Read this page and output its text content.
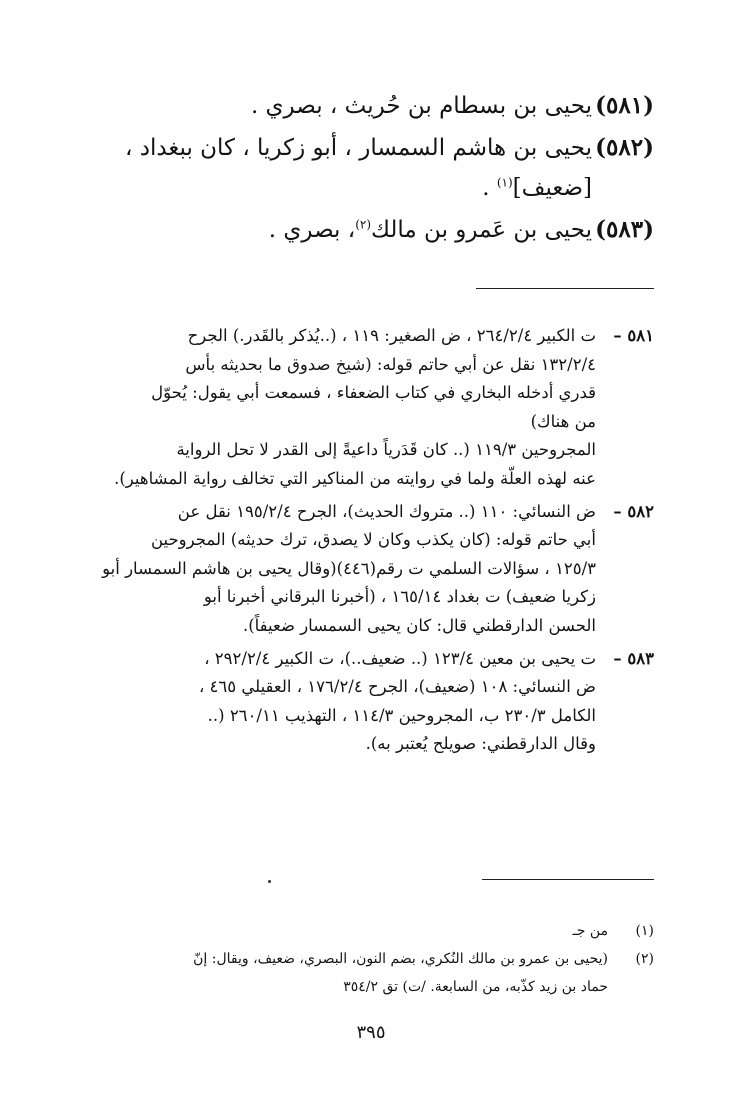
(٥٨١)
يحيى بن بسطام بن حُريث ، بصري .
(٥٨٢)
يحيى بن هاشم السمسار ، أبو زكريا ، كان ببغداد ،
[ضعيف]$^{(١)}$ .
(٥٨٣)
يحيى بن عَمرو بن مالك$^{(٢)}$، بصري .
٥٨١ –
ت الكبير ٢٦٤/٢/٤ ، ض الصغير: ١١٩ ، (..يُذكر بالقَدر.) الجرح
١٣٢/٢/٤ نقل عن أبي حاتم قوله: (شيخ صدوق ما بحديثه بأس
قدري أدخله البخاري في كتاب الضعفاء ، فسمعت أبي يقول: يُحوّل
من هناك)
المجروحين ١١٩/٣ (.. كان قَدَرياً داعيةً إلى القدر لا تحل الرواية
عنه لهذه العلّة ولما في روايته من المناكير التي تخالف رواية المشاهير).
٥٨٢ –
ض النسائي: ١١٠ (.. متروك الحديث)، الجرح ١٩٥/٢/٤ نقل عن
أبي حاتم قوله: (كان يكذب وكان لا يصدق، ترك حديثه) المجروحين
١٢٥/٣ ، سؤالات السلمي ت رقم(٤٤٦)(وقال يحيى بن هاشم السمسار أبو
زكريا ضعيف) ت بغداد ١٦٥/١٤ ، (أخبرنا البرقاني أخبرنا أبو
الحسن الدارقطني قال: كان يحيى السمسار ضعيفاً).
٥٨٣ –
ت يحيى بن معين ١٢٣/٤ (.. ضعيف..)، ت الكبير ٢٩٢/٢/٤ ،
ض النسائي: ١٠٨ (ضعيف)، الجرح ١٧٦/٢/٤ ، العقيلي ٤٦٥ ،
الكامل ٢٣٠/٣ ب، المجروحين ١١٤/٣ ، التهذيب ٢٦٠/١١ (..
وقال الدارقطني: صويلح يُعتبر به).
(١)
من جـ
(٢)
(يحيى بن عمرو بن مالك النُكري، بضم النون، البصري، ضعيف، ويقال: إنّ
حماد بن زيد كذّبه، من السابعة. /ت) تق ٣٥٤/٢
٣٩٥
